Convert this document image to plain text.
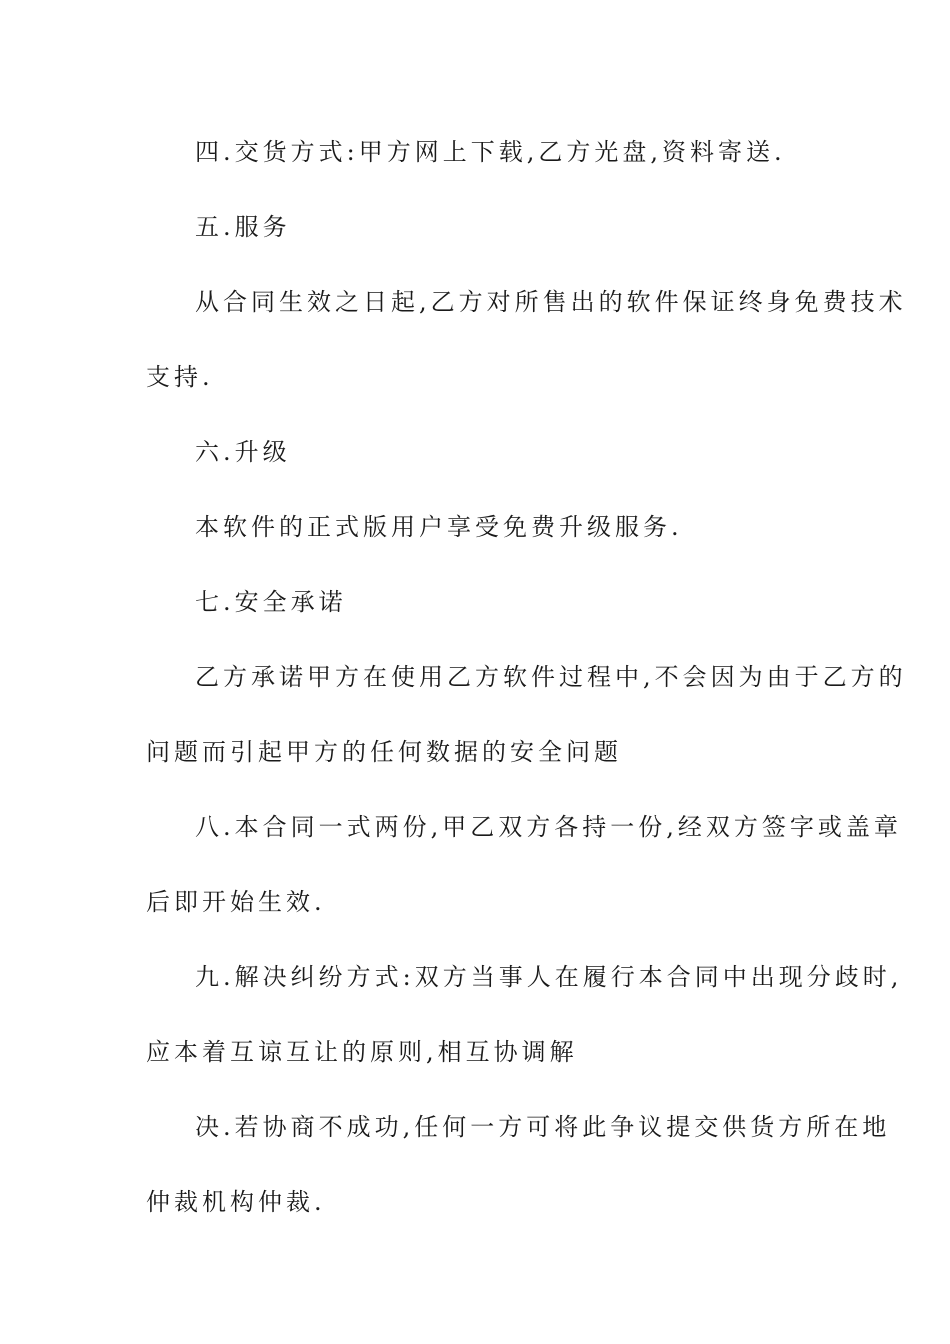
四.交货方式:甲方网上下载,乙方光盘,资料寄送.
五.服务
从合同生效之日起,乙方对所售出的软件保证终身免费技术
支持.
六.升级
本软件的正式版用户享受免费升级服务.
七.安全承诺
乙方承诺甲方在使用乙方软件过程中,不会因为由于乙方的
问题而引起甲方的任何数据的安全问题
八.本合同一式两份,甲乙双方各持一份,经双方签字或盖章
后即开始生效.
九.解决纠纷方式:双方当事人在履行本合同中出现分歧时,
应本着互谅互让的原则,相互协调解
决.若协商不成功,任何一方可将此争议提交供货方所在地
仲裁机构仲裁.
